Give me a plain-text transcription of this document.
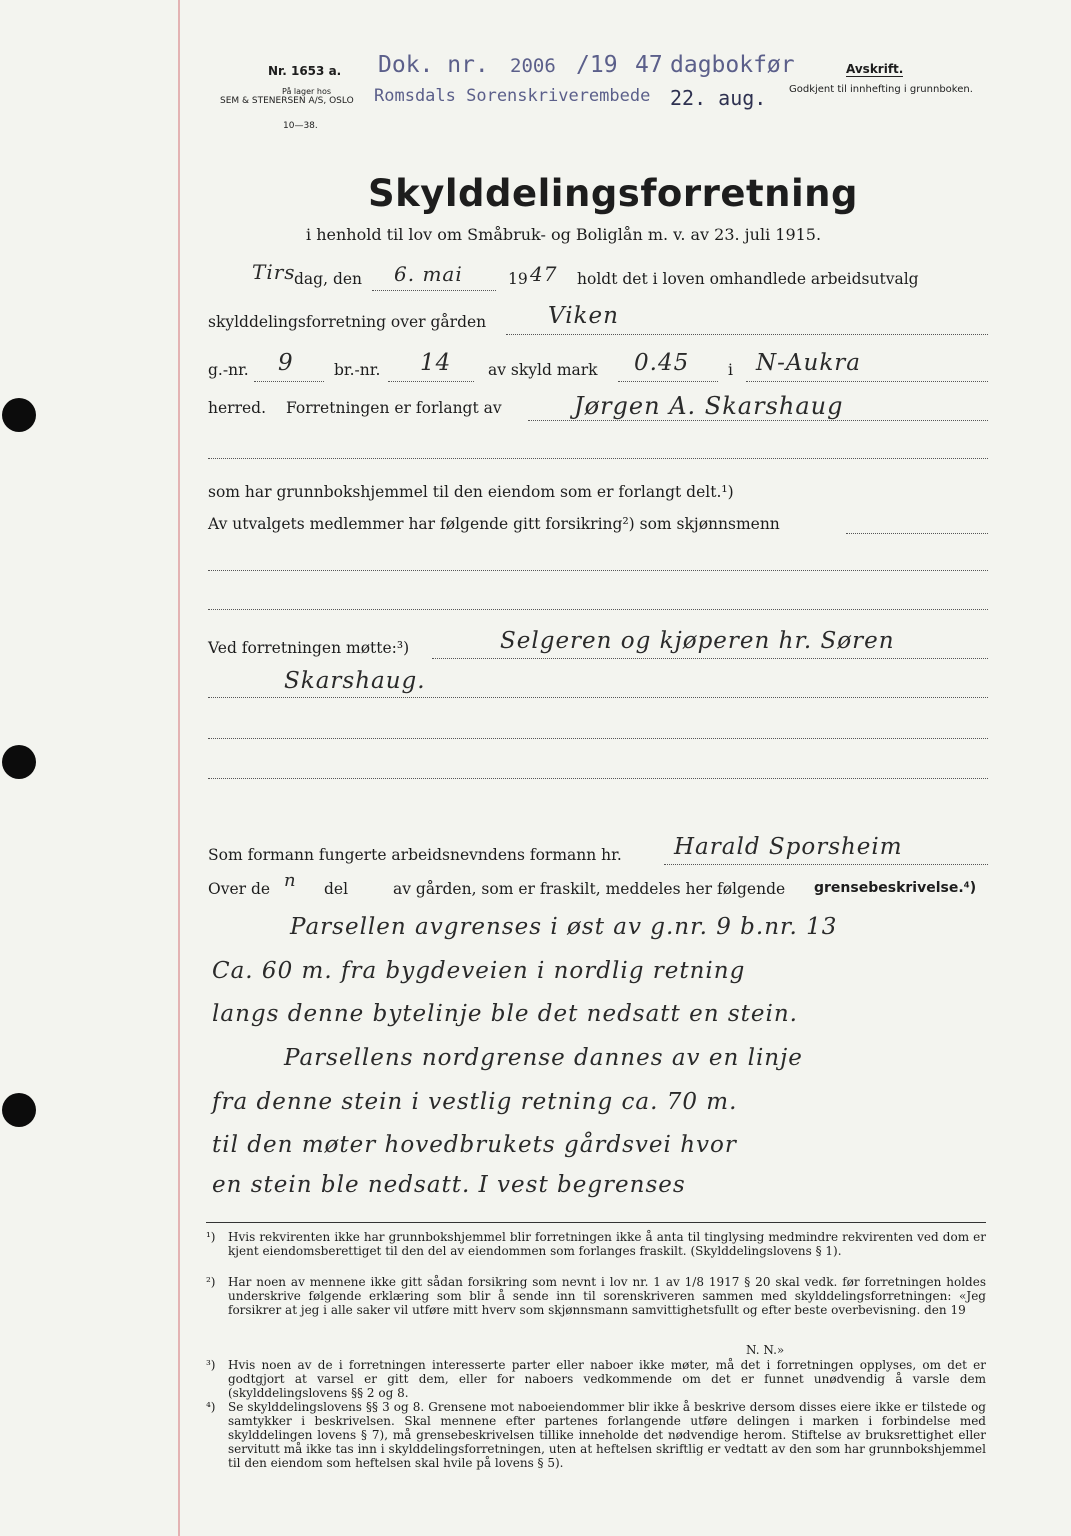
Nr. 1653 a.
På lager hos
SEM & STENERSEN A/S, OSLO
10—38.
Dok. nr. 2006 /19 47 dagbokfør
Romsdals Sorenskriverembede 22. aug.
Avskrift.
Godkjent til innhefting i grunnboken.
Skylddelingsforretning
i henhold til lov om Småbruk- og Boliglån m. v. av 23. juli 1915.
Tirs
dag, den 6. mai	19 47 holdt det i loven omhandlede arbeidsutvalg
skylddelingsforretning over gården	Viken
g.-nr. 9	br.-nr. 14 av skyld mark 0.45	i N-Aukra
herred. Forretningen er forlangt av	Jørgen A. Skarshaug
som har grunnbokshjemmel til den eiendom som er forlangt delt.¹)
Av utvalgets medlemmer har følgende gitt forsikring²) som skjønnsmenn
Ved forretningen møtte:³)	Selgeren og kjøperen hr. Søren
Skarshaug.
Som formann fungerte arbeidsnevndens formann hr. Harald Sporsheim
Over de n del	av gården, som er fraskilt, meddeles her følgende grensebeskrivelse.⁴)
Parsellen avgrenses i øst av g.nr. 9 b.nr. 13
Ca. 60 m. fra bygdeveien i nordlig retning
langs denne bytelinje ble det nedsatt en stein.
Parsellens nordgrense dannes av en linje
fra denne stein i vestlig retning ca. 70 m.
til den møter hovedbrukets gårdsvei hvor
en stein ble nedsatt. I vest begrenses
¹) Hvis rekvirenten ikke har grunnbokshjemmel blir forretningen ikke å anta til tinglysing medmindre rekvirenten ved dom er kjent eiendomsberettiget til den del av eiendommen som forlanges fraskilt. (Skylddelingslovens § 1).
²) Har noen av mennene ikke gitt sådan forsikring som nevnt i lov nr. 1 av 1/8 1917 § 20 skal vedk. før forretningen holdes underskrive følgende erklæring som blir å sende inn til sorenskriveren sammen med skylddelingsforretningen: «Jeg forsikrer at jeg i alle saker vil utføre mitt hverv som skjønnsmann samvittighetsfullt og efter beste overbevisning. den 19
N. N.»
³) Hvis noen av de i forretningen interesserte parter eller naboer ikke møter, må det i forretningen opplyses, om det er godtgjort at varsel er gitt dem, eller for naboers vedkommende om det er funnet unødvendig å varsle dem (skylddelingslovens §§ 2 og 8.
⁴) Se skylddelingslovens §§ 3 og 8. Grensene mot naboeiendommer blir ikke å beskrive dersom disses eiere ikke er tilstede og samtykker i beskrivelsen. Skal mennene efter partenes forlangende utføre delingen i marken i forbindelse med skylddelingen lovens § 7), må grensebeskrivelsen tillike inneholde det nødvendige herom. Stiftelse av bruksrettighet eller servitutt må ikke tas inn i skylddelingsforretningen, uten at heftelsen skriftlig er vedtatt av den som har grunnbokshjemmel til den eiendom som heftelsen skal hvile på lovens § 5).
